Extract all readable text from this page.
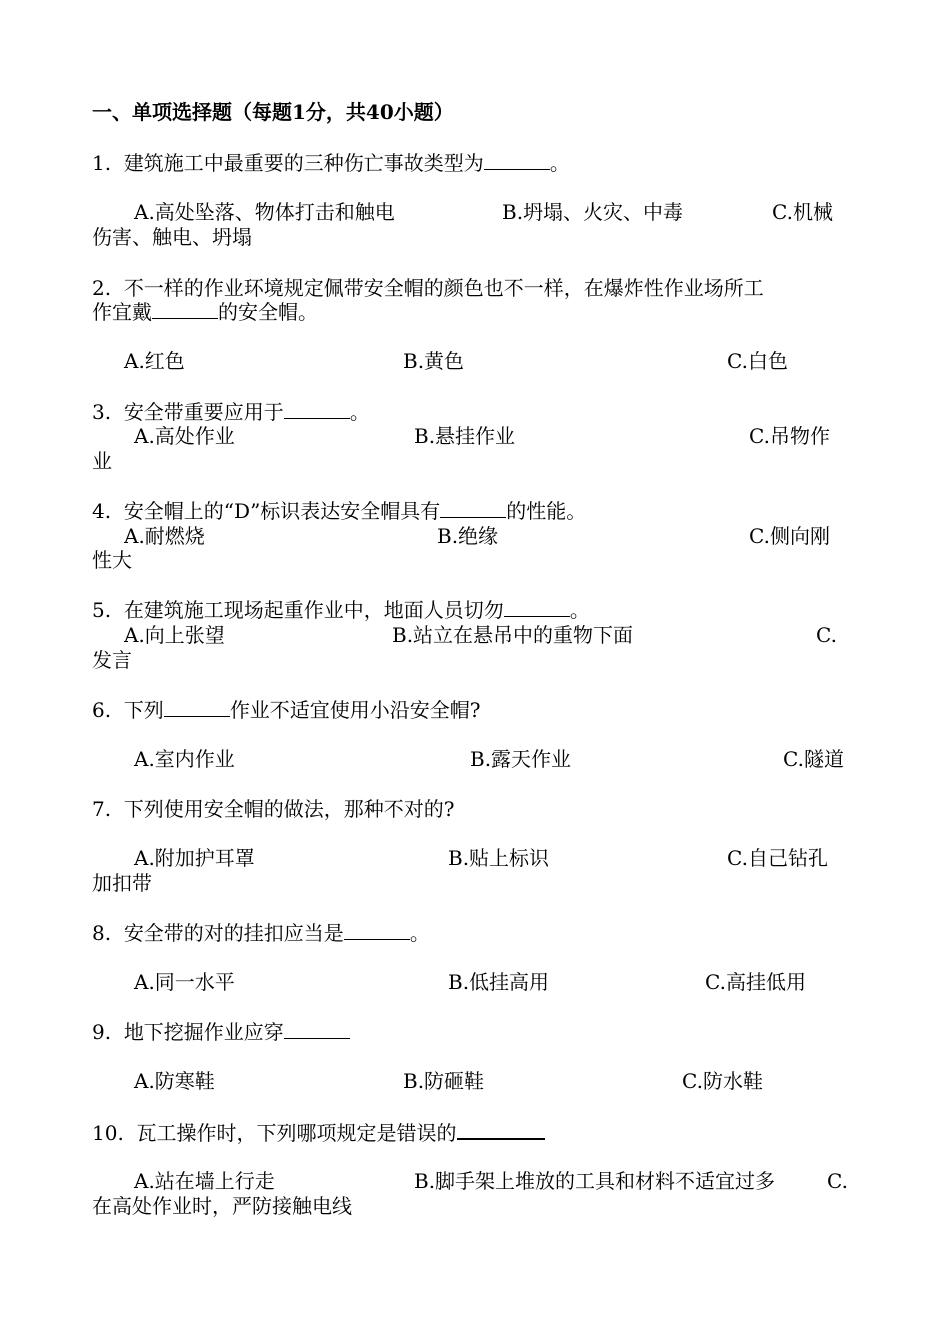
一、单项选择题（每题1分，共40小题）
1. 建筑施工中最重要的三种伤亡事故类型为	。
A.高处坠落、物体打击和触电	B.坍塌、火灾、中毒	C.机械
伤害、触电、坍塌
2. 不一样的作业环境规定佩带安全帽的颜色也不一样，在爆炸性作业场所工
作宜戴	的安全帽。
A.红色	B.黄色	C.白色
3. 安全带重要应用于	。
A.高处作业	B.悬挂作业	C.吊物作
业
4. 安全帽上的“D”标识表达安全帽具有	的性能。
A.耐燃烧	B.绝缘	C.侧向刚
性大
5. 在建筑施工现场起重作业中，地面人员切勿	。
A.向上张望	B.站立在悬吊中的重物下面	C.
发言
6. 下列	作业不适宜使用小沿安全帽?
A.室内作业	B.露天作业	C.隧道
7. 下列使用安全帽的做法，那种不对的?
A.附加护耳罩	B.贴上标识	C.自己钻孔
加扣带
8. 安全带的对的挂扣应当是	。
A.同一水平	B.低挂高用	C.高挂低用
9. 地下挖掘作业应穿
A.防寒鞋	B.防砸鞋	C.防水鞋
10. 瓦工操作时，下列哪项规定是错误的
A.站在墙上行走	B.脚手架上堆放的工具和材料不适宜过多	C.
在高处作业时，严防接触电线
